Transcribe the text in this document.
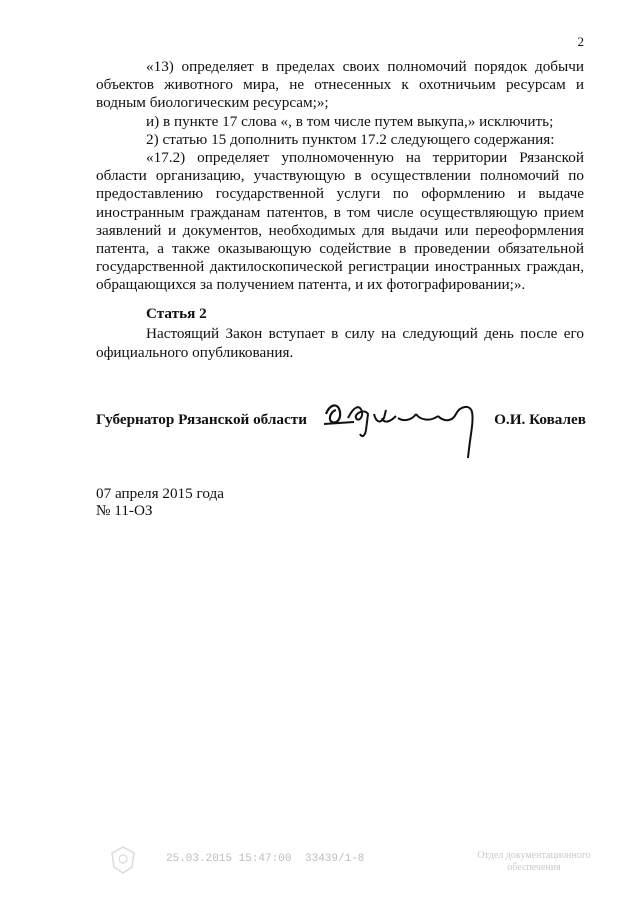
2

«13) определяет в пределах своих полномочий порядок добычи объектов животного мира, не отнесенных к охотничьим ресурсам и водным биологическим ресурсам;»;

и) в пункте 17 слова «, в том числе путем выкупа,» исключить;

2) статью 15 дополнить пунктом 17.2 следующего содержания:

«17.2) определяет уполномоченную на территории Рязанской области организацию, участвующую в осуществлении полномочий по предоставлению государственной услуги по оформлению и выдаче иностранным гражданам патентов, в том числе осуществляющую прием заявлений и документов, необходимых для выдачи или переоформления патента, а также оказывающую содействие в проведении обязательной государственной дактилоскопической регистрации иностранных граждан, обращающихся за получением патента, и их фотографировании;».

Статья 2

Настоящий Закон вступает в силу на следующий день после его официального опубликования.

Губернатор Рязанской области	О.И. Ковалев
07 апреля 2015 года
№ 11-ОЗ
25.03.2015 15:47:00 33439/1-8	Отдел документационного
обеспечения
